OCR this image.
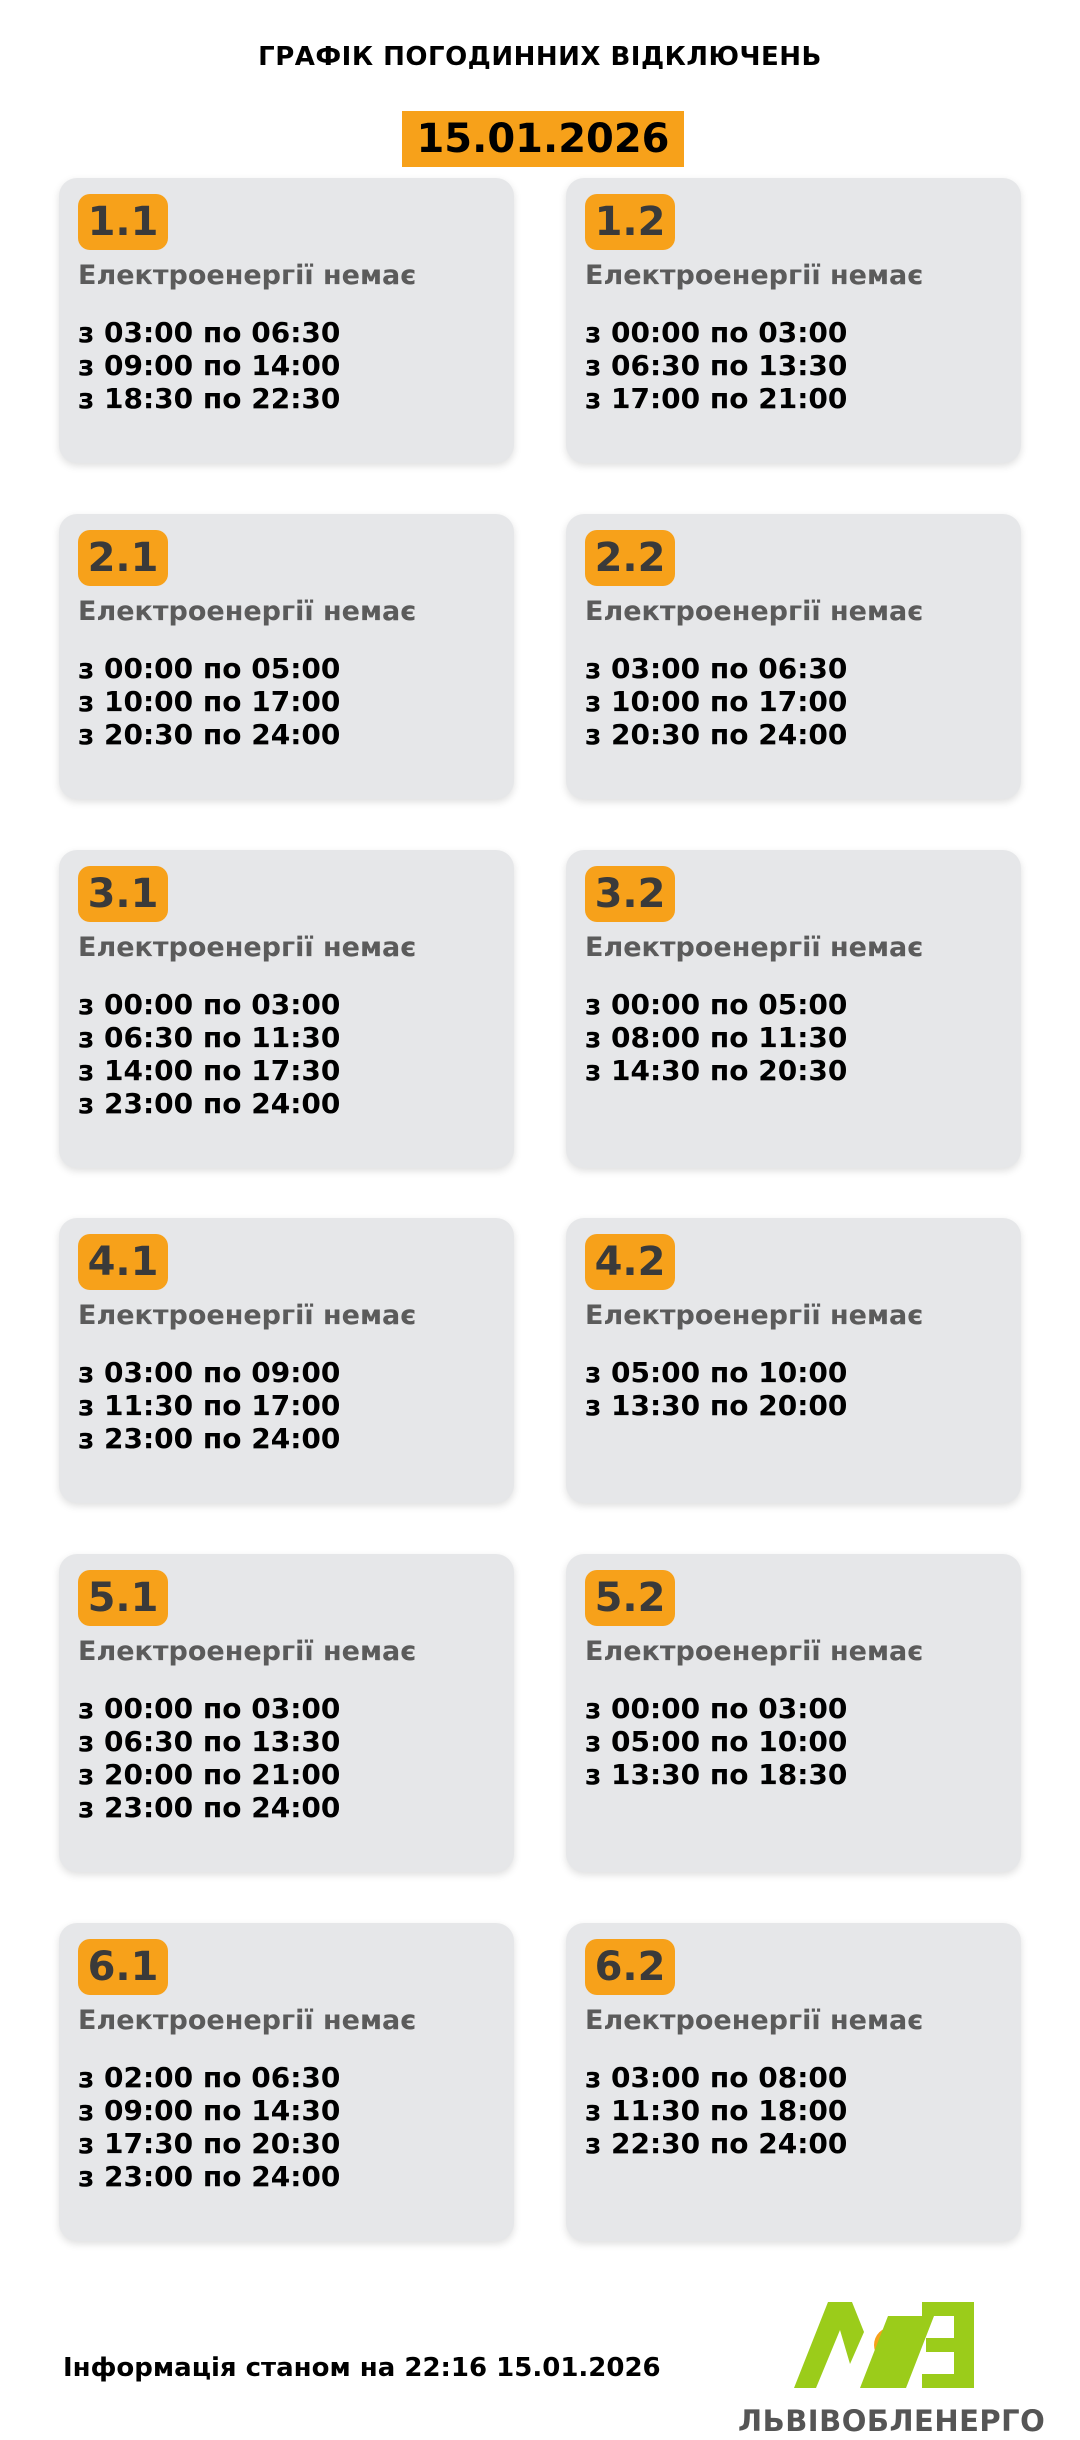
ГРАФІК ПОГОДИННИХ ВІДКЛЮЧЕНЬ
15.01.2026
1.1
Електроенергії немає
з 03:00 по 06:30
з 09:00 по 14:00
з 18:30 по 22:30
1.2
Електроенергії немає
з 00:00 по 03:00
з 06:30 по 13:30
з 17:00 по 21:00
2.1
Електроенергії немає
з 00:00 по 05:00
з 10:00 по 17:00
з 20:30 по 24:00
2.2
Електроенергії немає
з 03:00 по 06:30
з 10:00 по 17:00
з 20:30 по 24:00
3.1
Електроенергії немає
з 00:00 по 03:00
з 06:30 по 11:30
з 14:00 по 17:30
з 23:00 по 24:00
3.2
Електроенергії немає
з 00:00 по 05:00
з 08:00 по 11:30
з 14:30 по 20:30
4.1
Електроенергії немає
з 03:00 по 09:00
з 11:30 по 17:00
з 23:00 по 24:00
4.2
Електроенергії немає
з 05:00 по 10:00
з 13:30 по 20:00
5.1
Електроенергії немає
з 00:00 по 03:00
з 06:30 по 13:30
з 20:00 по 21:00
з 23:00 по 24:00
5.2
Електроенергії немає
з 00:00 по 03:00
з 05:00 по 10:00
з 13:30 по 18:30
6.1
Електроенергії немає
з 02:00 по 06:30
з 09:00 по 14:30
з 17:30 по 20:30
з 23:00 по 24:00
6.2
Електроенергії немає
з 03:00 по 08:00
з 11:30 по 18:00
з 22:30 по 24:00
Інформація станом на 22:16 15.01.2026
ЛЬВІВОБЛЕНЕРГО
